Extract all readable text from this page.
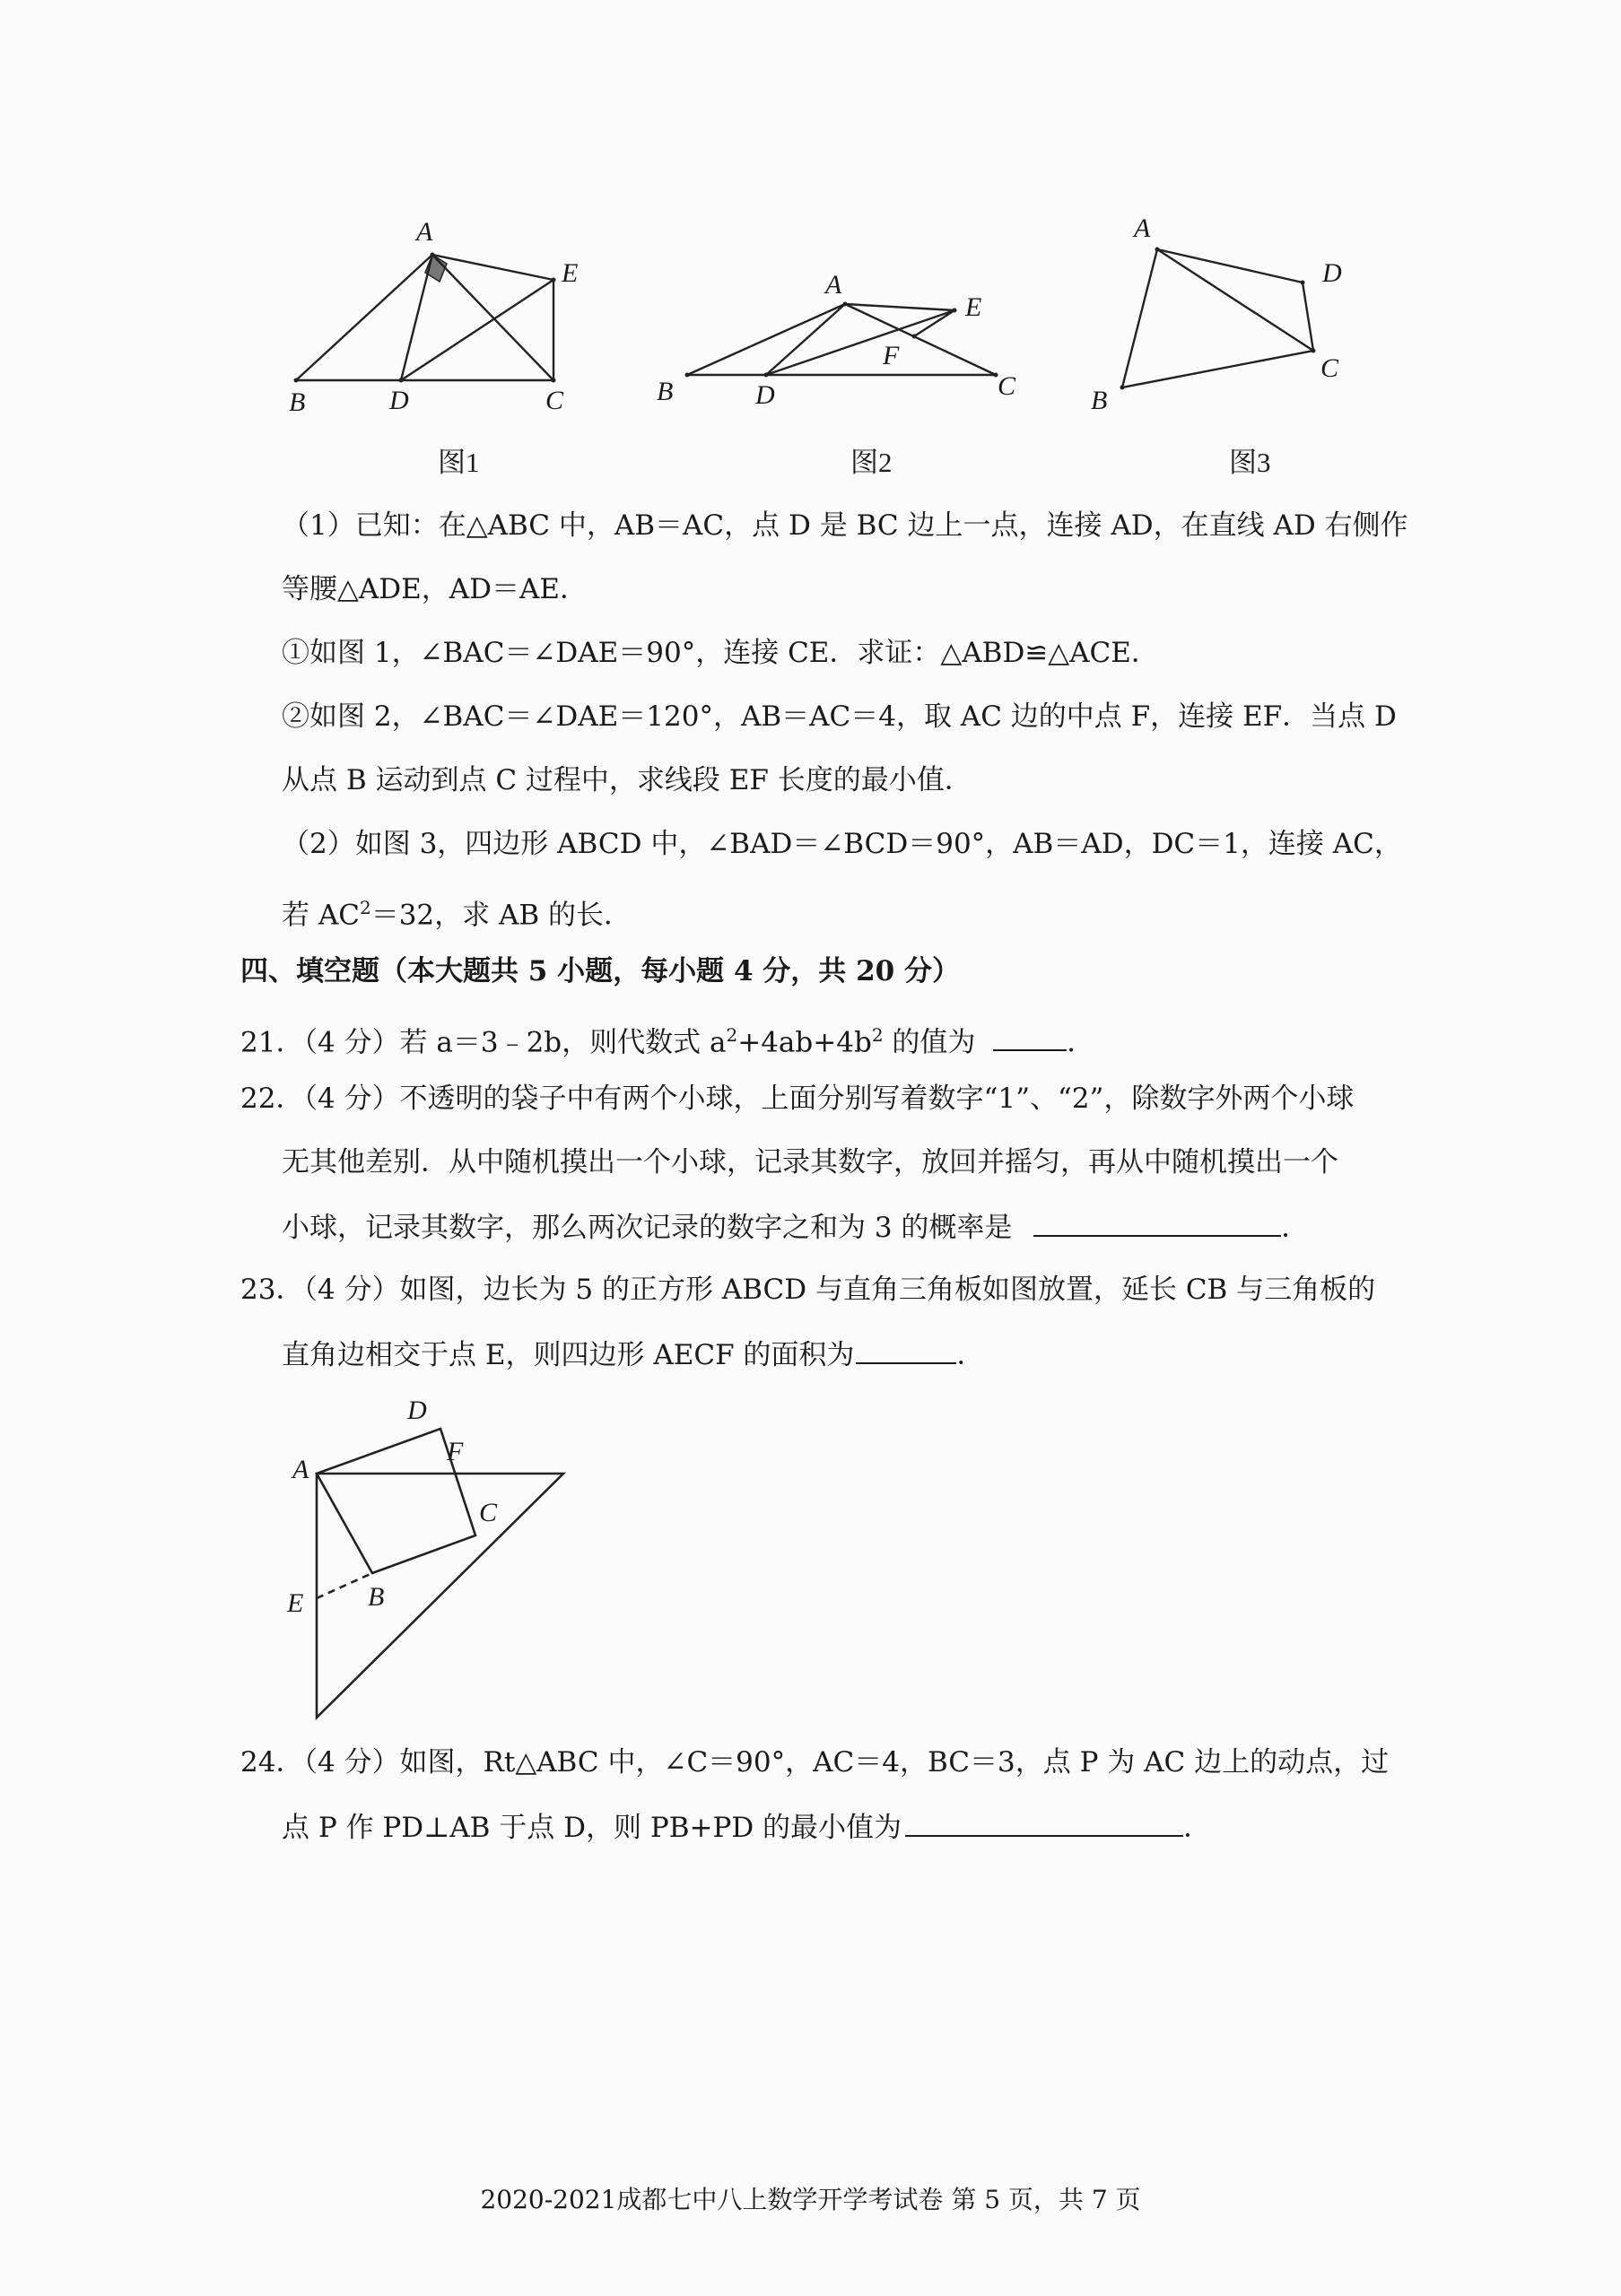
A
B	D	C
E
图1
A
E
F
B	D	C
图2
A
D
C
B
图3
A
D
F
C
E B
（1）已知：在△ABC 中，AB＝AC，点 D 是 BC 边上一点，连接 AD，在直线 AD 右侧作
等腰△ADE，AD＝AE．
①如图 1，∠BAC＝∠DAE＝90°，连接 CE．求证：△ABD≌△ACE．
②如图 2，∠BAC＝∠DAE＝120°，AB＝AC＝4，取 AC 边的中点 F，连接 EF．当点 D
从点 B 运动到点 C 过程中，求线段 EF 长度的最小值．
（2）如图 3，四边形 ABCD 中，∠BAD＝∠BCD＝90°，AB＝AD，DC＝1，连接 AC，
若 $AC^2=32$，求 AB 的长．
四、填空题（本大题共 5 小题，每小题 4 分，共 20 分）
21．（4 分）若 a＝3﹣2b，则代数式 $a^2+4ab+4b^2$ 的值为	．
22．（4 分）不透明的袋子中有两个小球，上面分别写着数字“1”、“2”，除数字外两个小球
无其他差别．从中随机摸出一个小球，记录其数字，放回并摇匀，再从中随机摸出一个
小球，记录其数字，那么两次记录的数字之和为 3 的概率是	．
23．（4 分）如图，边长为 5 的正方形 ABCD 与直角三角板如图放置，延长 CB 与三角板的
直角边相交于点 E，则四边形 AECF 的面积为	．
24．（4 分）如图，Rt△ABC 中，∠C＝90°，AC＝4，BC＝3，点 P 为 AC 边上的动点，过
点 P 作 PD⊥AB 于点 D，则 PB+PD 的最小值为	．
2020-2021成都七中八上数学开学考试卷 第 5 页，共 7 页
